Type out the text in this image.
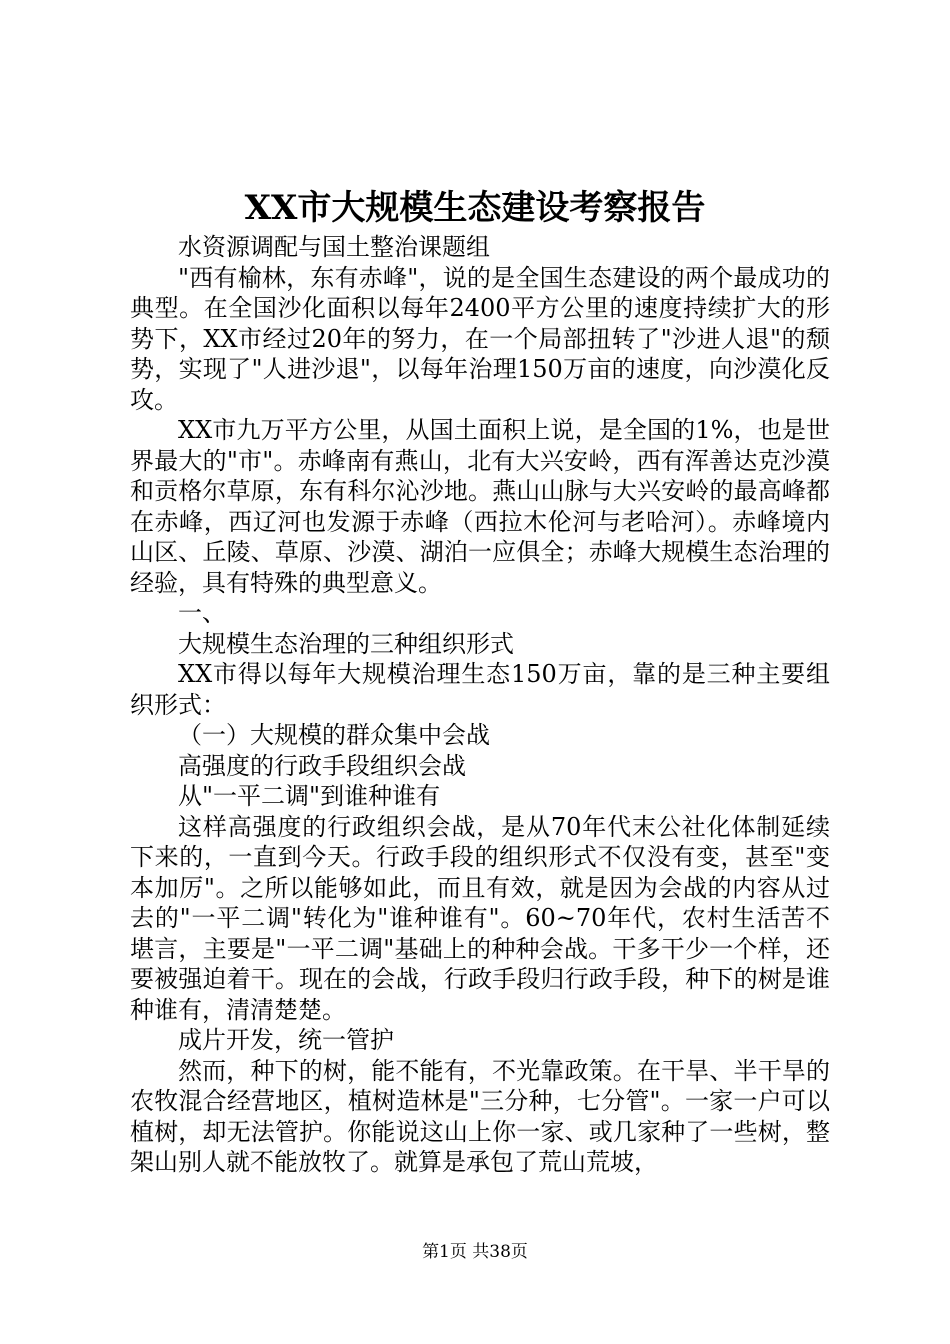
XX市大规模生态建设考察报告

水资源调配与国土整治课题组

"西有榆林，东有赤峰"，说的是全国生态建设的两个最成功的典型。在全国沙化面积以每年2400平方公里的速度持续扩大的形势下，XX市经过20年的努力，在一个局部扭转了"沙进人退"的颓势，实现了"人进沙退"，以每年治理150万亩的速度，向沙漠化反攻。

XX市九万平方公里，从国土面积上说，是全国的1%，也是世界最大的"市"。赤峰南有燕山，北有大兴安岭，西有浑善达克沙漠和贡格尔草原，东有科尔沁沙地。燕山山脉与大兴安岭的最高峰都在赤峰，西辽河也发源于赤峰（西拉木伦河与老哈河）。赤峰境内山区、丘陵、草原、沙漠、湖泊一应俱全；赤峰大规模生态治理的经验，具有特殊的典型意义。

一、

大规模生态治理的三种组织形式

XX市得以每年大规模治理生态150万亩，靠的是三种主要组织形式：

（一）大规模的群众集中会战

高强度的行政手段组织会战

从"一平二调"到谁种谁有

这样高强度的行政组织会战，是从70年代末公社化体制延续下来的，一直到今天。行政手段的组织形式不仅没有变，甚至"变本加厉"。之所以能够如此，而且有效，就是因为会战的内容从过去的"一平二调"转化为"谁种谁有"。60~70年代，农村生活苦不堪言，主要是"一平二调"基础上的种种会战。干多干少一个样，还要被强迫着干。现在的会战，行政手段归行政手段，种下的树是谁种谁有，清清楚楚。

成片开发，统一管护

然而，种下的树，能不能有，不光靠政策。在干旱、半干旱的农牧混合经营地区，植树造林是"三分种，七分管"。一家一户可以植树，却无法管护。你能说这山上你一家、或几家种了一些树，整架山别人就不能放牧了。就算是承包了荒山荒坡，

第1页 共38页
